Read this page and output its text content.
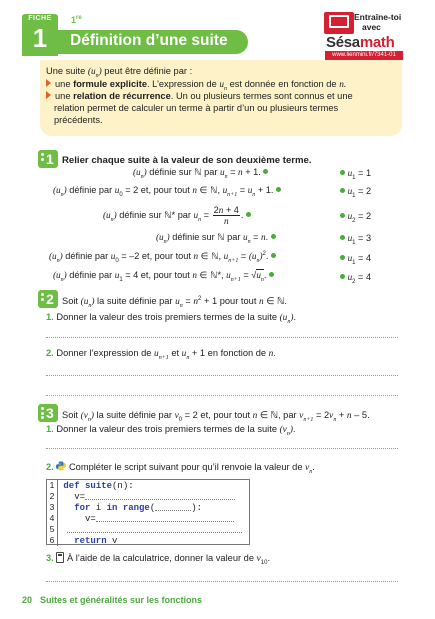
FICHE
1
1re
Définition d’une suite
Entraîne-toi
avec
Sésamath
www.lienmini.fr/7341-01
Une suite $(u_n)$ peut être définie par :
une formule explicite. L’expression de $u_n$ est donnée en fonction de n.
une relation de récurrence. Un ou plusieurs termes sont connus et une
relation permet de calculer un terme à partir d’un ou plusieurs termes
précédents.
1 Relier chaque suite à la valeur de son deuxième terme.
$(u_n)$ définie sur ℕ par $u_n = n + 1$.
$(u_n)$ définie par $u_0 = 2$ et, pour tout n ∈ ℕ, $u_{n+1} = u_n + 1$.
$(u_n)$ définie sur ℕ* par $u_n = \frac{2n + 4}{n}$ .
$(u_n)$ définie sur ℕ par $u_n = n$.
$(u_n)$ définie par $u_0 = -2$ et, pour tout n ∈ ℕ, $u_{n+1} = (u_n)^2$.
$(u_n)$ définie par $u_1 = 4$ et, pour tout n ∈ ℕ*, $u_{n+1} = √u_n$.
$u_1 = 1$
$u_1 = 2$
$u_2 = 2$
$u_1 = 3$
$u_1 = 4$
$u_2 = 4$
2 Soit $(u_n)$ la suite définie par $u_n = n^2 + 1$ pour tout n ∈ ℕ.
1. Donner la valeur des trois premiers termes de la suite $(u_n)$.
2. Donner l’expression de $u_{n+1}$ et $u_n + 1$ en fonction de n.
3 Soit $(v_n)$ la suite définie par $v_0 = 2$ et, pour tout n ∈ ℕ, par $v_{n+1} = 2v_n + n - 5$.
1. Donner la valeur des trois premiers termes de la suite $(v_n)$.
2.  Compléter le script suivant pour qu’il renvoie la valeur de $v_n$.
1 def suite(n):
2   v=
3 for i in range(	):
4     v=
5
6 return v
3.
À l’aide de la calculatrice, donner la valeur de $v_{10}$.
20 Suites et généralités sur les fonctions
